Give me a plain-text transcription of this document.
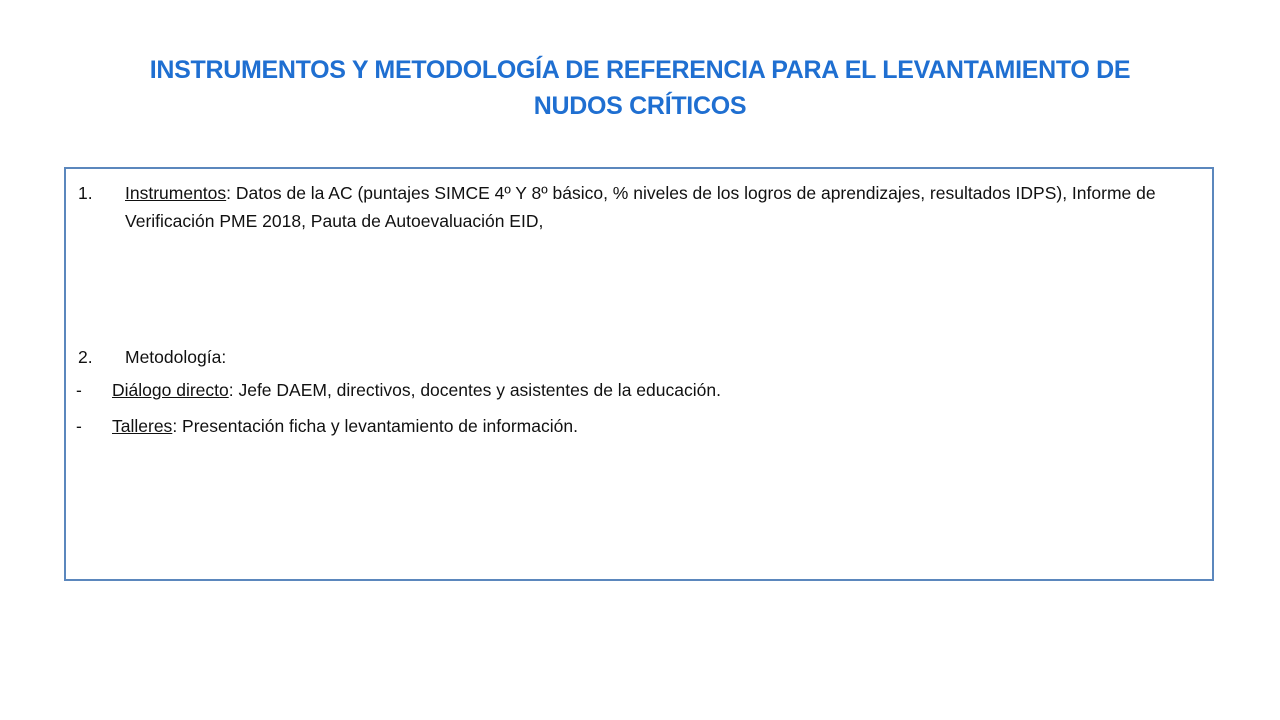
INSTRUMENTOS Y METODOLOGÍA DE REFERENCIA PARA EL LEVANTAMIENTO DE
NUDOS CRÍTICOS
1.	Instrumentos: Datos de la AC (puntajes SIMCE 4º Y 8º básico, % niveles de los logros de aprendizajes, resultados IDPS), Informe de Verificación PME 2018, Pauta de Autoevaluación EID,
2.	Metodología:
- Diálogo directo: Jefe DAEM, directivos, docentes y asistentes de la educación.
- Talleres: Presentación ficha y levantamiento de información.
